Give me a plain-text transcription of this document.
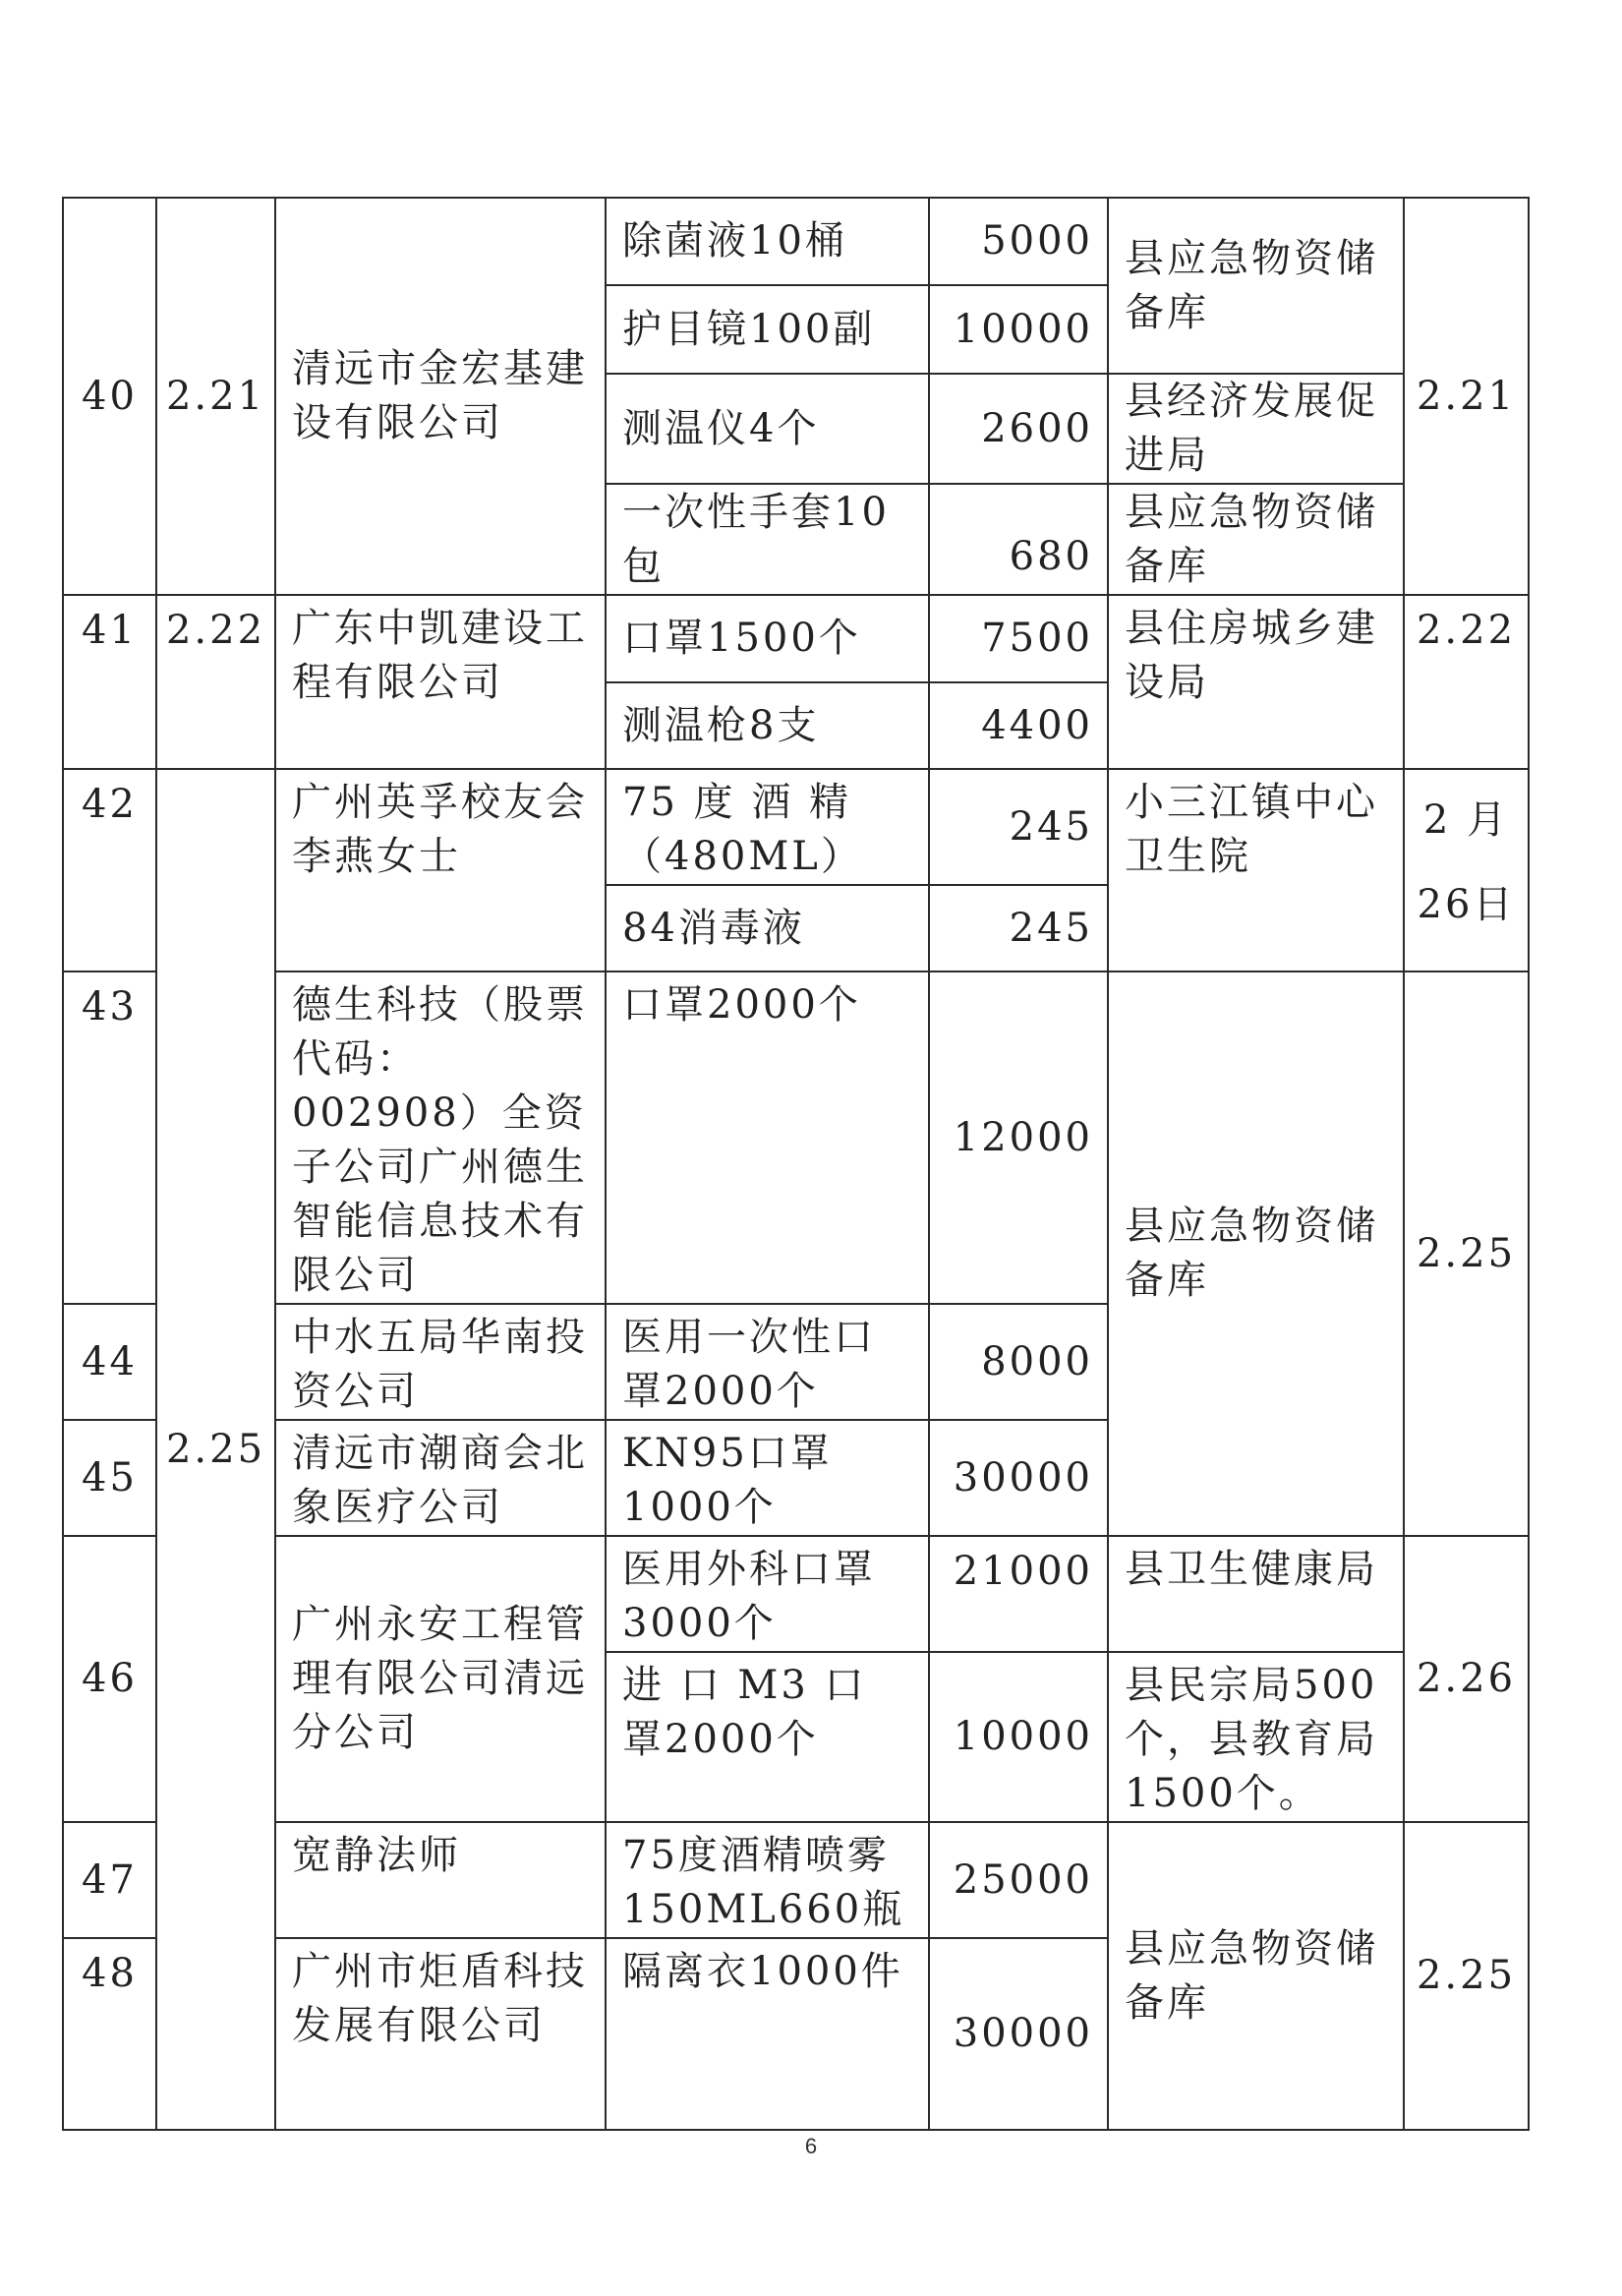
40	2.21	清远市金宏基建设有限公司	除菌液10桶	5000	县应急物资储备库	2.21
			护目镜100副	10000		
			测温仪4个	2600	县经济发展促进局	
			一次性手套10包	680	县应急物资储备库	
41	2.22	广东中凯建设工程有限公司	口罩1500个	7500	县住房城乡建设局	2.22
			测温枪8支	4400		
42	2.25	广州英孚校友会李燕女士	75 度 酒 精（480ML）	245	小三江镇中心卫生院	2 月 26日
			84消毒液	245		
43		德生科技（股票代码：002908）全资子公司广州德生智能信息技术有限公司	口罩2000个	12000	县应急物资储备库	2.25
44		中水五局华南投资公司	医用一次性口罩2000个	8000		
45		清远市潮商会北象医疗公司	KN95口罩1000个	30000		
46		广州永安工程管理有限公司清远分公司	医用外科口罩3000个	21000	县卫生健康局	2.26
			进 口 M3 口 罩2000个	10000	县民宗局500个，县教育局1500个。	
47		宽静法师	75度酒精喷雾150ML660瓶	25000	县应急物资储备库	2.25
48		广州市炬盾科技发展有限公司	隔离衣1000件	30000		
6
